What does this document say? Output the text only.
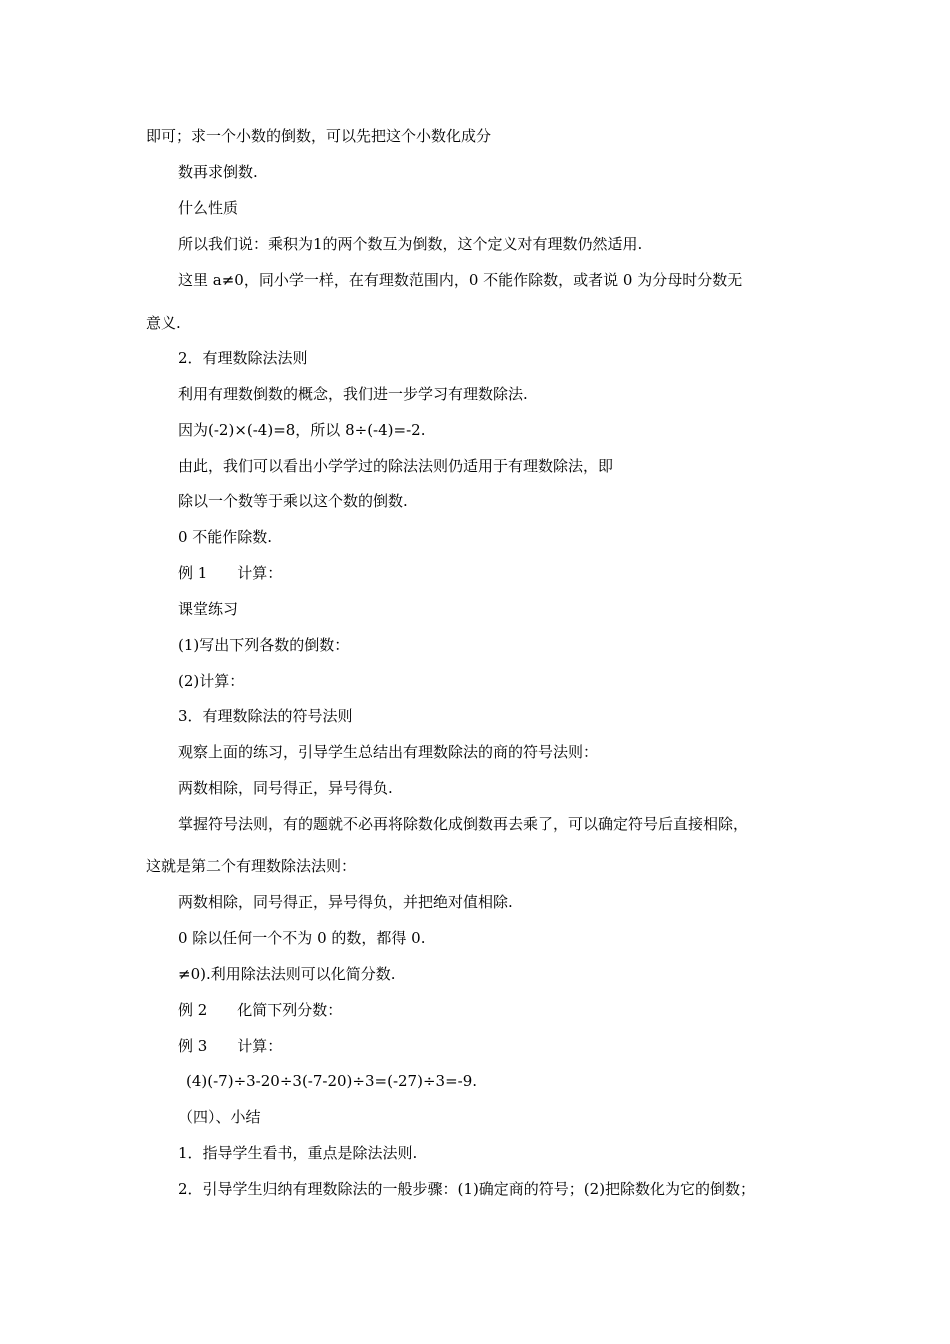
即可；求一个小数的倒数，可以先把这个小数化成分
数再求倒数.
什么性质
所以我们说：乘积为1的两个数互为倒数，这个定义对有理数仍然适用.
这里 a≠0，同小学一样，在有理数范围内，0 不能作除数，或者说 0 为分母时分数无
意义.
2．有理数除法法则
利用有理数倒数的概念，我们进一步学习有理数除法.
因为(-2)×(-4)=8，所以 8÷(-4)=-2.
由此，我们可以看出小学学过的除法法则仍适用于有理数除法，即
除以一个数等于乘以这个数的倒数.
0 不能作除数.
例 1　　计算：
课堂练习
(1)写出下列各数的倒数：
(2)计算：
3．有理数除法的符号法则
观察上面的练习，引导学生总结出有理数除法的商的符号法则：
两数相除，同号得正，异号得负.
掌握符号法则，有的题就不必再将除数化成倒数再去乘了，可以确定符号后直接相除，
这就是第二个有理数除法法则：
两数相除，同号得正，异号得负，并把绝对值相除.
0 除以任何一个不为 0 的数，都得 0.
≠0).利用除法法则可以化简分数.
例 2　　化简下列分数：
例 3　　计算：
(4)(-7)÷3-20÷3(-7-20)÷3=(-27)÷3=-9.
（四）、小结
1．指导学生看书，重点是除法法则.
2．引导学生归纳有理数除法的一般步骤：(1)确定商的符号；(2)把除数化为它的倒数；
